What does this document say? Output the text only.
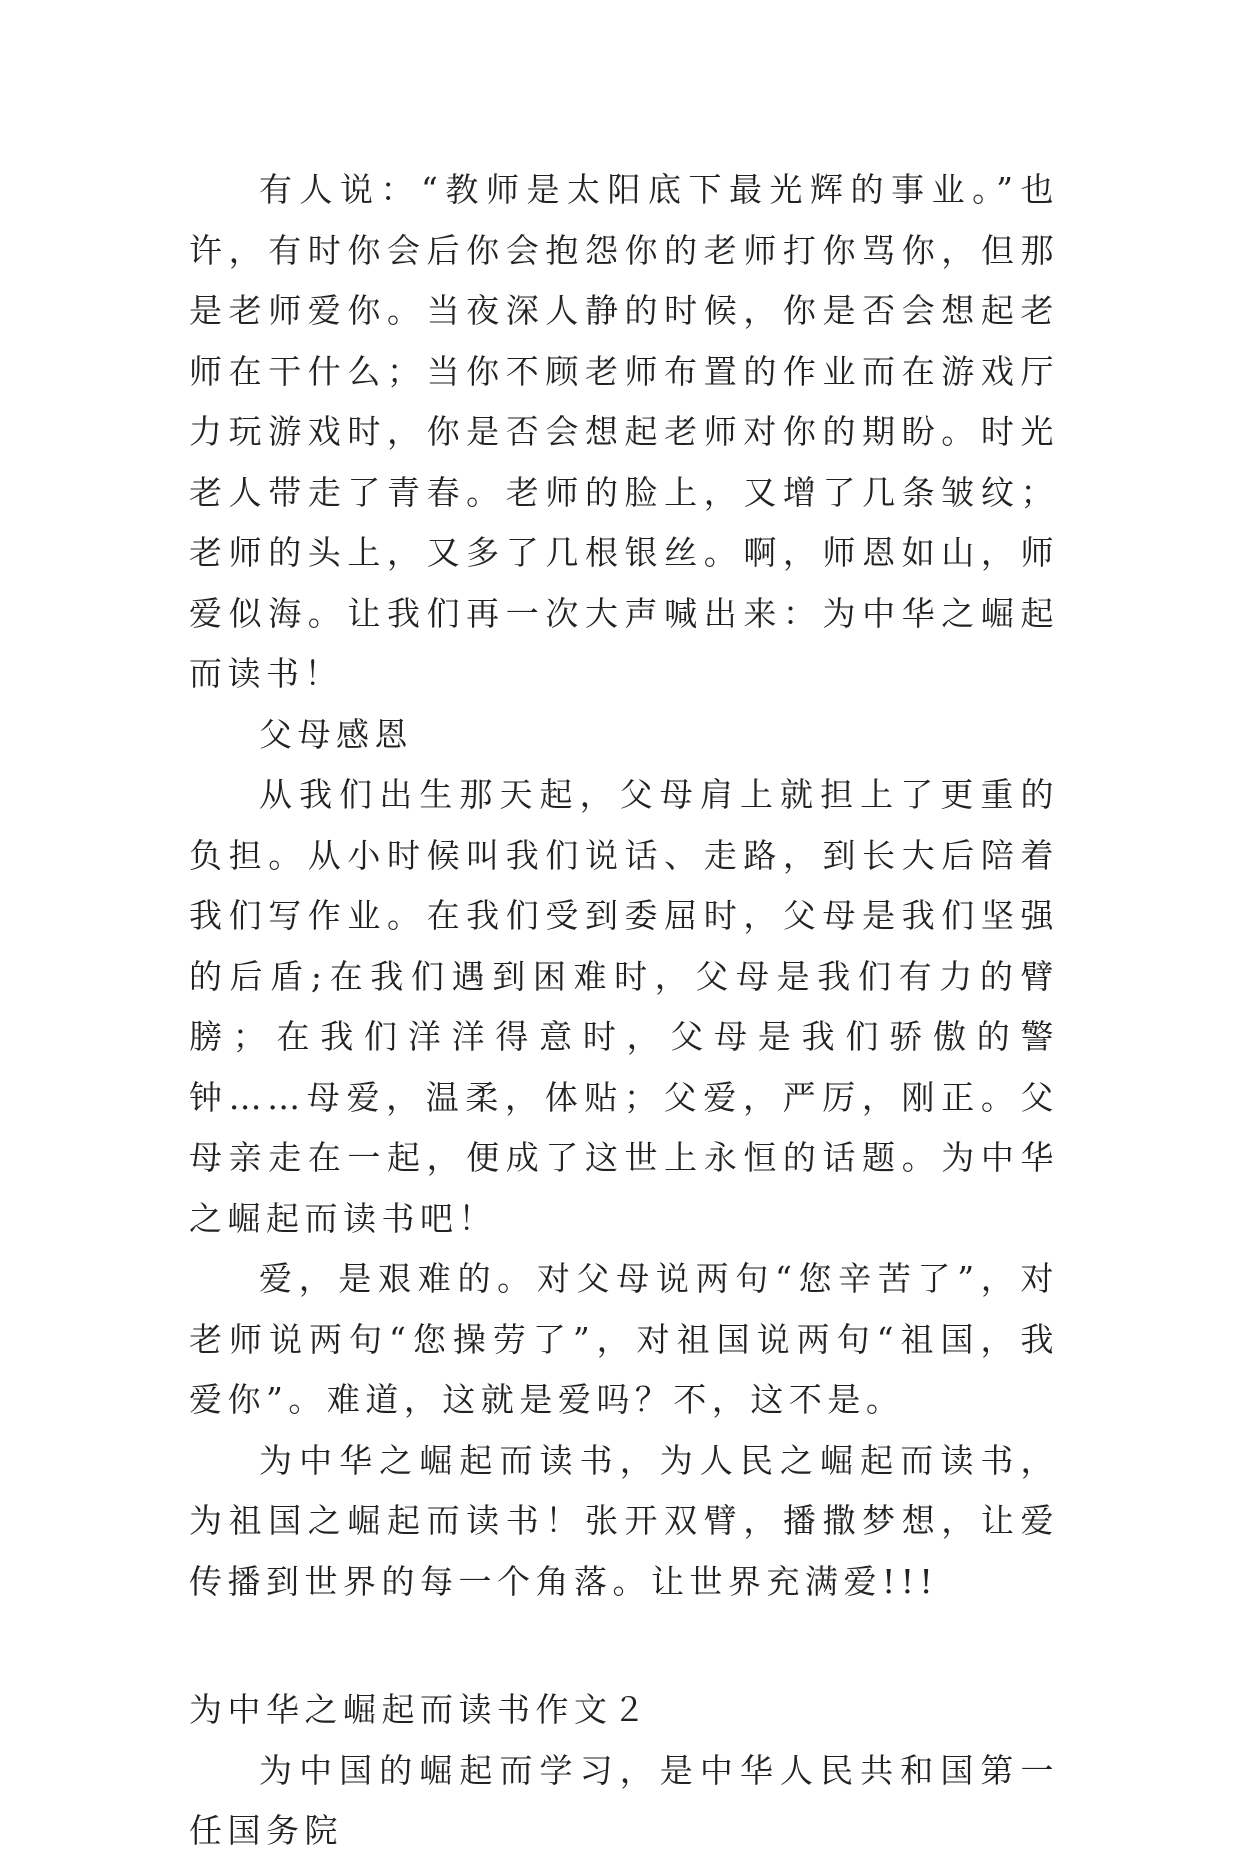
有人说：“教师是太阳底下最光辉的事业。”也许，有时你会后你会抱怨你的老师打你骂你，但那是老师爱你。当夜深人静的时候，你是否会想起老师在干什么；当你不顾老师布置的作业而在游戏厅力玩游戏时，你是否会想起老师对你的期盼。时光老人带走了青春。老师的脸上，又增了几条皱纹；老师的头上，又多了几根银丝。啊，师恩如山，师爱似海。让我们再一次大声喊出来：为中华之崛起而读书！

父母感恩

从我们出生那天起，父母肩上就担上了更重的负担。从小时候叫我们说话、走路，到长大后陪着我们写作业。在我们受到委屈时，父母是我们坚强的后盾;在我们遇到困难时，父母是我们有力的臂膀；在我们洋洋得意时，父母是我们骄傲的警钟……母爱，温柔，体贴；父爱，严厉，刚正。父母亲走在一起，便成了这世上永恒的话题。为中华之崛起而读书吧！

爱，是艰难的。对父母说两句“您辛苦了”，对老师说两句“您操劳了”，对祖国说两句“祖国，我爱你”。难道，这就是爱吗？不，这不是。

为中华之崛起而读书，为人民之崛起而读书，为祖国之崛起而读书！张开双臂，播撒梦想，让爱传播到世界的每一个角落。让世界充满爱!!!

为中华之崛起而读书作文２

为中国的崛起而学习，是中华人民共和国第一任国务院
